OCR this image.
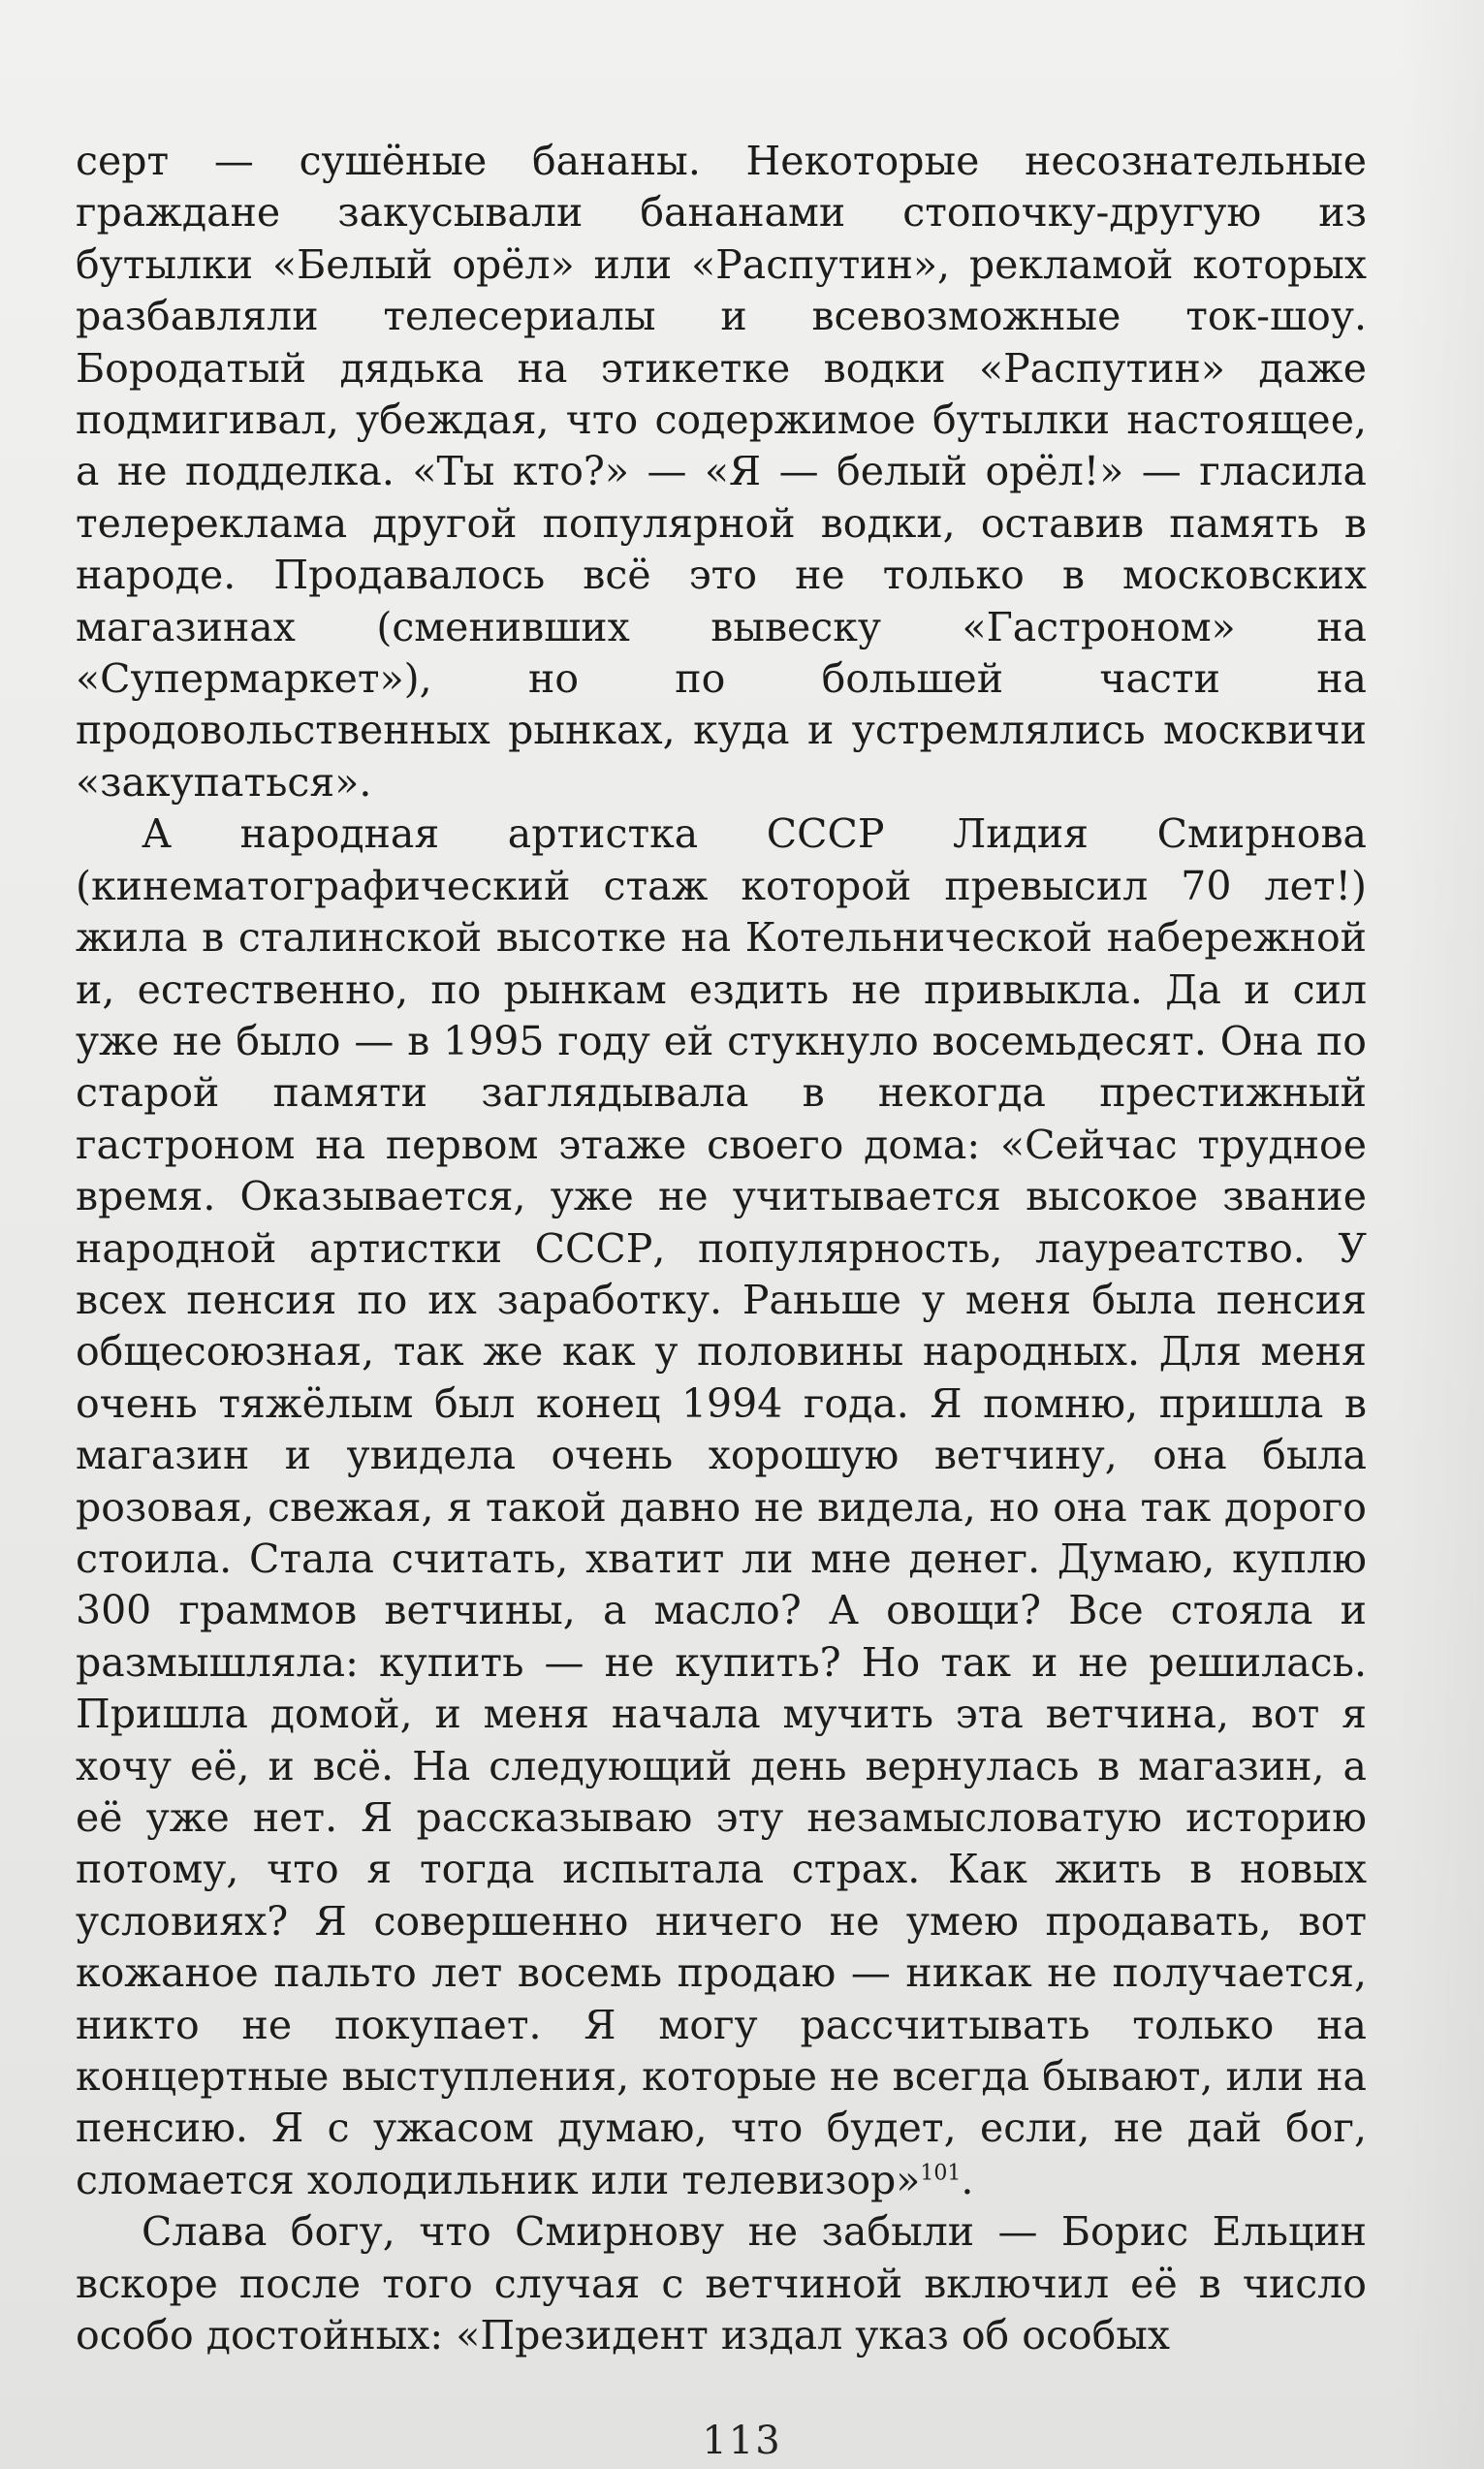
серт — сушёные бананы. Некоторые несознательные граждане закусывали бананами стопочку-другую из бутылки «Белый орёл» или «Распутин», рекламой которых разбавляли телесериалы и всевозможные ток-шоу. Бородатый дядька на этикетке водки «Распутин» даже подмигивал, убеждая, что содержимое бутылки настоящее, а не подделка. «Ты кто?» — «Я — белый орёл!» — гласила телереклама другой популярной водки, оставив память в народе. Продавалось всё это не только в московских магазинах (сменивших вывеску «Гастроном» на «Супермаркет»), но по большей части на продовольственных рынках, куда и устремлялись москвичи «закупаться».

А народная артистка СССР Лидия Смирнова (кинематографический стаж которой превысил 70 лет!) жила в сталинской высотке на Котельнической набережной и, естественно, по рынкам ездить не привыкла. Да и сил уже не было — в 1995 году ей стукнуло восемьдесят. Она по старой памяти заглядывала в некогда престижный гастроном на первом этаже своего дома: «Сейчас трудное время. Оказывается, уже не учитывается высокое звание народной артистки СССР, популярность, лауреатство. У всех пенсия по их заработку. Раньше у меня была пенсия общесоюзная, так же как у половины народных. Для меня очень тяжёлым был конец 1994 года. Я помню, пришла в магазин и увидела очень хорошую ветчину, она была розовая, свежая, я такой давно не видела, но она так дорого стоила. Стала считать, хватит ли мне денег. Думаю, куплю 300 граммов ветчины, а масло? А овощи? Все стояла и размышляла: купить — не купить? Но так и не решилась. Пришла домой, и меня начала мучить эта ветчина, вот я хочу её, и всё. На следующий день вернулась в магазин, а её уже нет. Я рассказываю эту незамысловатую историю потому, что я тогда испытала страх. Как жить в новых условиях? Я совершенно ничего не умею продавать, вот кожаное пальто лет восемь продаю — никак не получается, никто не покупает. Я могу рассчитывать только на концертные выступления, которые не всегда бывают, или на пенсию. Я с ужасом думаю, что будет, если, не дай бог, сломается холодильник или телевизор»$^{101}$.

Слава богу, что Смирнову не забыли — Борис Ельцин вскоре после того случая с ветчиной включил её в число особо достойных: «Президент издал указ об особых

113
